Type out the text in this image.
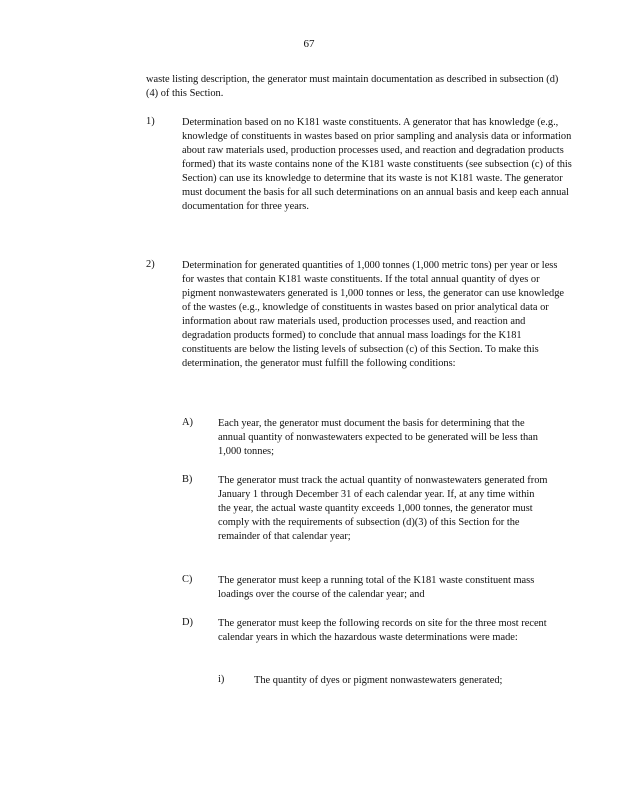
67

waste listing description, the generator must maintain documentation as described in subsection (d)(4) of this Section.

1)	Determination based on no K181 waste constituents. A generator that has knowledge (e.g., knowledge of constituents in wastes based on prior sampling and analysis data or information about raw materials used, production processes used, and reaction and degradation products formed) that its waste contains none of the K181 waste constituents (see subsection (c) of this Section) can use its knowledge to determine that its waste is not K181 waste. The generator must document the basis for all such determinations on an annual basis and keep each annual documentation for three years.

2)	Determination for generated quantities of 1,000 tonnes (1,000 metric tons) per year or less for wastes that contain K181 waste constituents. If the total annual quantity of dyes or pigment nonwastewaters generated is 1,000 tonnes or less, the generator can use knowledge of the wastes (e.g., knowledge of constituents in wastes based on prior analytical data or information about raw materials used, production processes used, and reaction and degradation products formed) to conclude that annual mass loadings for the K181 constituents are below the listing levels of subsection (c) of this Section. To make this determination, the generator must fulfill the following conditions:

A) Each year, the generator must document the basis for determining that the annual quantity of nonwastewaters expected to be generated will be less than 1,000 tonnes;

B) The generator must track the actual quantity of nonwastewaters generated from January 1 through December 31 of each calendar year. If, at any time within the year, the actual waste quantity exceeds 1,000 tonnes, the generator must comply with the requirements of subsection (d)(3) of this Section for the remainder of that calendar year;

C) The generator must keep a running total of the K181 waste constituent mass loadings over the course of the calendar year; and

D) The generator must keep the following records on site for the three most recent calendar years in which the hazardous waste determinations were made:

i)	The quantity of dyes or pigment nonwastewaters generated;
